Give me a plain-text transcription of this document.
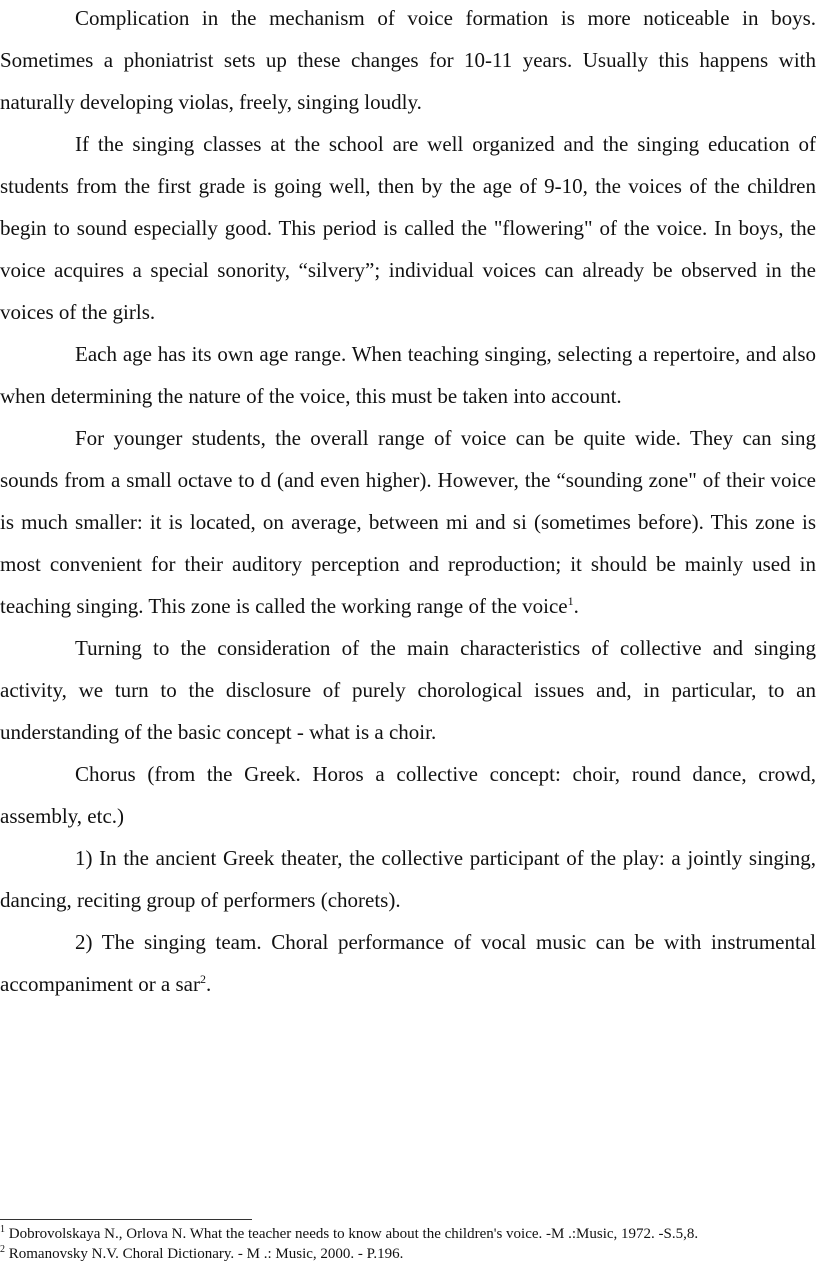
Complication in the mechanism of voice formation is more noticeable in boys. Sometimes a phoniatrist sets up these changes for 10-11 years. Usually this happens with naturally developing violas, freely, singing loudly.

If the singing classes at the school are well organized and the singing education of students from the first grade is going well, then by the age of 9-10, the voices of the children begin to sound especially good. This period is called the "flowering" of the voice. In boys, the voice acquires a special sonority, “silvery”; individual voices can already be observed in the voices of the girls.

Each age has its own age range. When teaching singing, selecting a repertoire, and also when determining the nature of the voice, this must be taken into account.

For younger students, the overall range of voice can be quite wide. They can sing sounds from a small octave to d (and even higher). However, the “sounding zone" of their voice is much smaller: it is located, on average, between mi and si (sometimes before). This zone is most convenient for their auditory perception and reproduction; it should be mainly used in teaching singing. This zone is called the working range of the voice$^1$.

Turning to the consideration of the main characteristics of collective and singing activity, we turn to the disclosure of purely chorological issues and, in particular, to an understanding of the basic concept - what is a choir.

Chorus (from the Greek. Horos a collective concept: choir, round dance, crowd, assembly, etc.)

1) In the ancient Greek theater, the collective participant of the play: a jointly singing, dancing, reciting group of performers (chorets).

2) The singing team. Choral performance of vocal music can be with instrumental accompaniment or a sar$^2$.

$^1$ Dobrovolskaya N., Orlova N. What the teacher needs to know about the children's voice. -M .:Music, 1972. -S.5,8.

$^2$ Romanovsky N.V. Choral Dictionary. - M .: Music, 2000. - P.196.
